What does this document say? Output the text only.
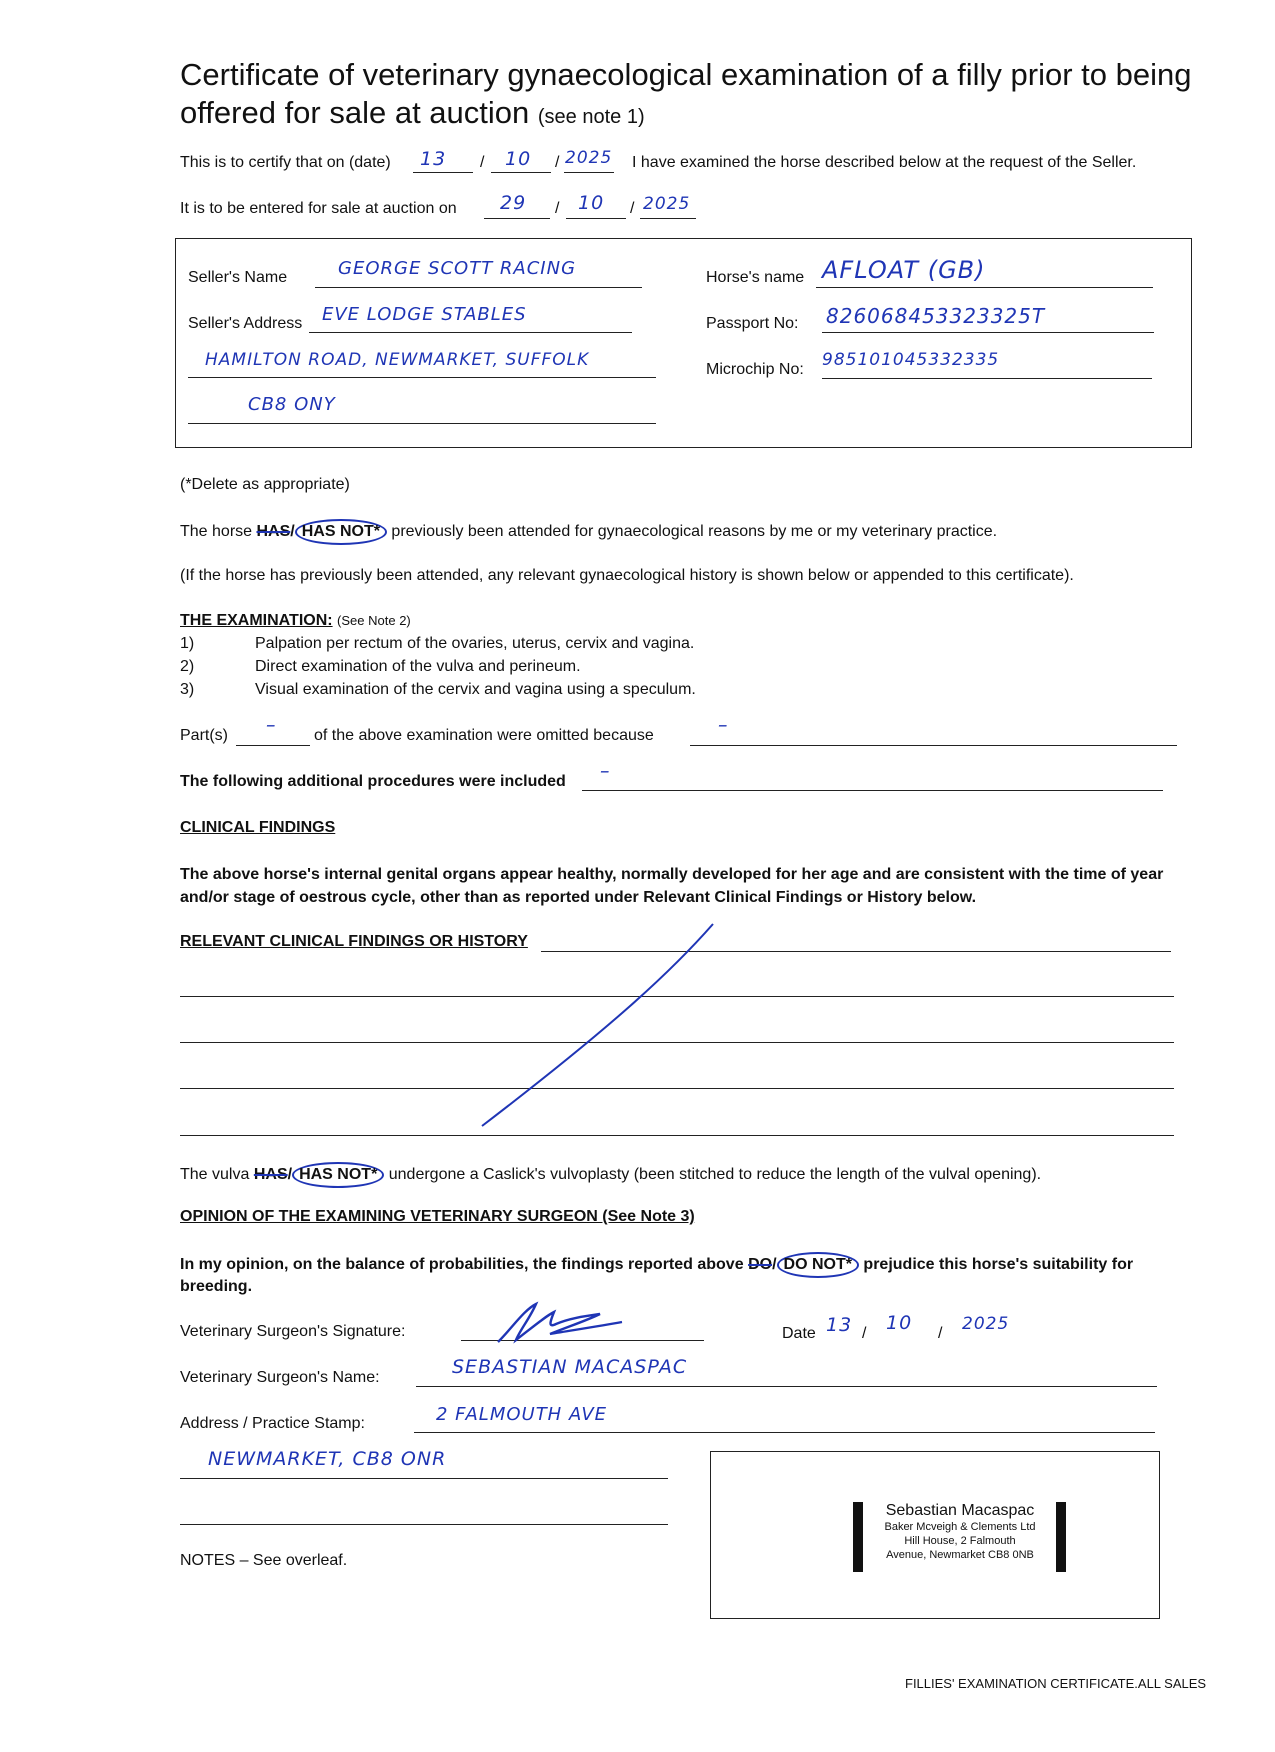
Certificate of veterinary gynaecological examination of a filly prior to being offered for sale at auction (see note 1)
This is to certify that on (date) 13 / 10 / 2025 I have examined the horse described below at the request of the Seller.
It is to be entered for sale at auction on 29 / 10 / 2025
Seller's Name	GEORGE SCOTT RACING
Seller's Address EVE LODGE STABLES
HAMILTON ROAD, NEWMARKET, SUFFOLK
CB8 ONY
Horse's name AFLOAT (GB)
Passport No: 826068453323325T
Microchip No: 985101045332335
(*Delete as appropriate)
The horse HAS/ HAS NOT* previously been attended for gynaecological reasons by me or my veterinary practice.
(If the horse has previously been attended, any relevant gynaecological history is shown below or appended to this certificate).
THE EXAMINATION: (See Note 2)
1)	Palpation per rectum of the ovaries, uterus, cervix and vagina.
2)	Direct examination of the vulva and perineum.
3)	Visual examination of the cervix and vagina using a speculum.
Part(s) – of the above examination were omitted because	–
The following additional procedures were included –
CLINICAL FINDINGS
The above horse's internal genital organs appear healthy, normally developed for her age and are consistent with the time of year and/or stage of oestrous cycle, other than as reported under Relevant Clinical Findings or History below.
RELEVANT CLINICAL FINDINGS OR HISTORY
The vulva HAS/ HAS NOT* undergone a Caslick's vulvoplasty (been stitched to reduce the length of the vulval opening).
OPINION OF THE EXAMINING VETERINARY SURGEON (See Note 3)
In my opinion, on the balance of probabilities, the findings reported above DO/ DO NOT* prejudice this horse's suitability for
breeding.
Veterinary Surgeon's Signature:	Date 13 / 10 / 2025
Veterinary Surgeon's Name:	SEBASTIAN MACASPAC
Address / Practice Stamp:	2 FALMOUTH AVE
NEWMARKET, CB8 ONR
NOTES – See overleaf.
Sebastian Macaspac
Baker Mcveigh & Clements Ltd
Hill House, 2 Falmouth
Avenue, Newmarket CB8 0NB
FILLIES' EXAMINATION CERTIFICATE.ALL SALES
